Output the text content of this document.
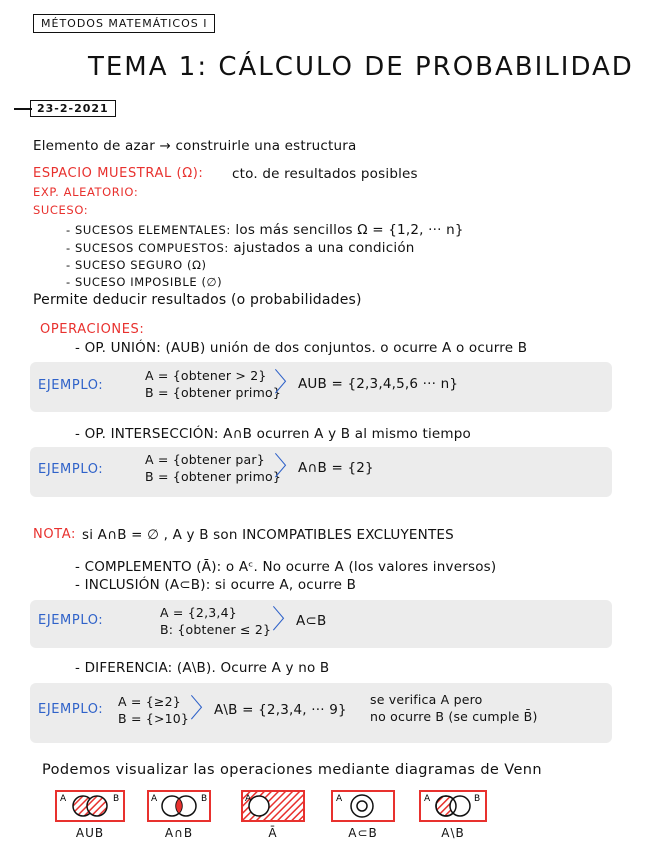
MÉTODOS MATEMÁTICOS I
TEMA 1: CÁLCULO DE PROBABILIDAD
23-2-2021
Elemento de azar → construirle una estructura
ESPACIO MUESTRAL (Ω): cto. de resultados posibles
EXP. ALEATORIO:
SUCESO:
- SUCESOS ELEMENTALES: los más sencillos Ω = {1,2, ··· n}
- SUCESOS COMPUESTOS: ajustados a una condición
- SUCESO SEGURO (Ω)
- SUCESO IMPOSIBLE (∅)
Permite deducir resultados (o probabilidades)
OPERACIONES:
- OP. UNIÓN: (AUB) unión de dos conjuntos. o ocurre A o ocurre B
EJEMPLO:
A = {obtener > 2}
B = {obtener primo}
〉
AUB = {2,3,4,5,6 ··· n}
- OP. INTERSECCIÓN: A∩B ocurren A y B al mismo tiempo
EJEMPLO:
A = {obtener par}
B = {obtener primo}
〉
A∩B = {2}
NOTA: si A∩B = ∅ , A y B son INCOMPATIBLES EXCLUYENTES
- COMPLEMENTO (Ā): o Aᶜ. No ocurre A (los valores inversos)
- INCLUSIÓN (A⊂B): si ocurre A, ocurre B
EJEMPLO:
A = {2,3,4}
B: {obtener ≤ 2} 〉
A⊂B
- DIFERENCIA: (A\B). Ocurre A y no B
EJEMPLO:
A = {≥2}
B = {>10} 〉
A\B = {2,3,4, ··· 9}
se verifica A pero
no ocurre B (se cumple B̄)
Podemos visualizar las operaciones mediante diagramas de Venn
A	B	A	B	A	A	A	B
AUB	A∩B	Ā	A⊂B	A\B
